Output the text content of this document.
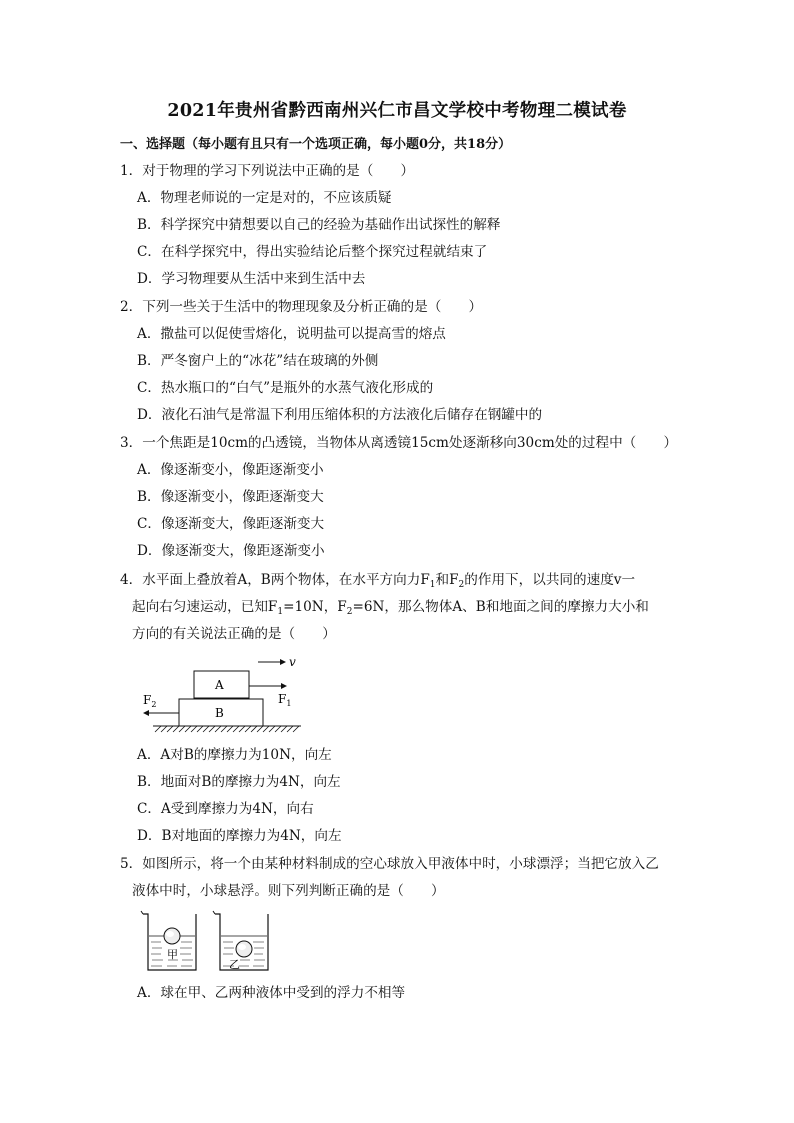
2021年贵州省黔西南州兴仁市昌文学校中考物理二模试卷
一、选择题（每小题有且只有一个选项正确，每小题0分，共18分）
1．对于物理的学习下列说法中正确的是（　　）
A．物理老师说的一定是对的，不应该质疑
B．科学探究中猜想要以自己的经验为基础作出试探性的解释
C．在科学探究中，得出实验结论后整个探究过程就结束了
D．学习物理要从生活中来到生活中去
2．下列一些关于生活中的物理现象及分析正确的是（　　）
A．撒盐可以促使雪熔化，说明盐可以提高雪的熔点
B．严冬窗户上的“冰花”结在玻璃的外侧
C．热水瓶口的“白气”是瓶外的水蒸气液化形成的
D．液化石油气是常温下利用压缩体积的方法液化后储存在钢罐中的
3．一个焦距是10cm的凸透镜，当物体从离透镜15cm处逐渐移向30cm处的过程中（　　）
A．像逐渐变小，像距逐渐变小
B．像逐渐变小，像距逐渐变大
C．像逐渐变大，像距逐渐变大
D．像逐渐变大，像距逐渐变小
4．水平面上叠放着A，B两个物体，在水平方向力$F_1$和$F_2$的作用下，以共同的速度v一
起向右匀速运动，已知$F_1=10N$，$F_2=6N$，那么物体A、B和地面之间的摩擦力大小和
方向的有关说法正确的是（　　）
v
A
$F_1$
B
$F_2$
A．A对B的摩擦力为10N，向左
B．地面对B的摩擦力为4N，向左
C．A受到摩擦力为4N，向右
D．B对地面的摩擦力为4N，向左
5．如图所示，将一个由某种材料制成的空心球放入甲液体中时，小球漂浮；当把它放入乙
液体中时，小球悬浮。则下列判断正确的是（　　）
甲
乙
A．球在甲、乙两种液体中受到的浮力不相等
